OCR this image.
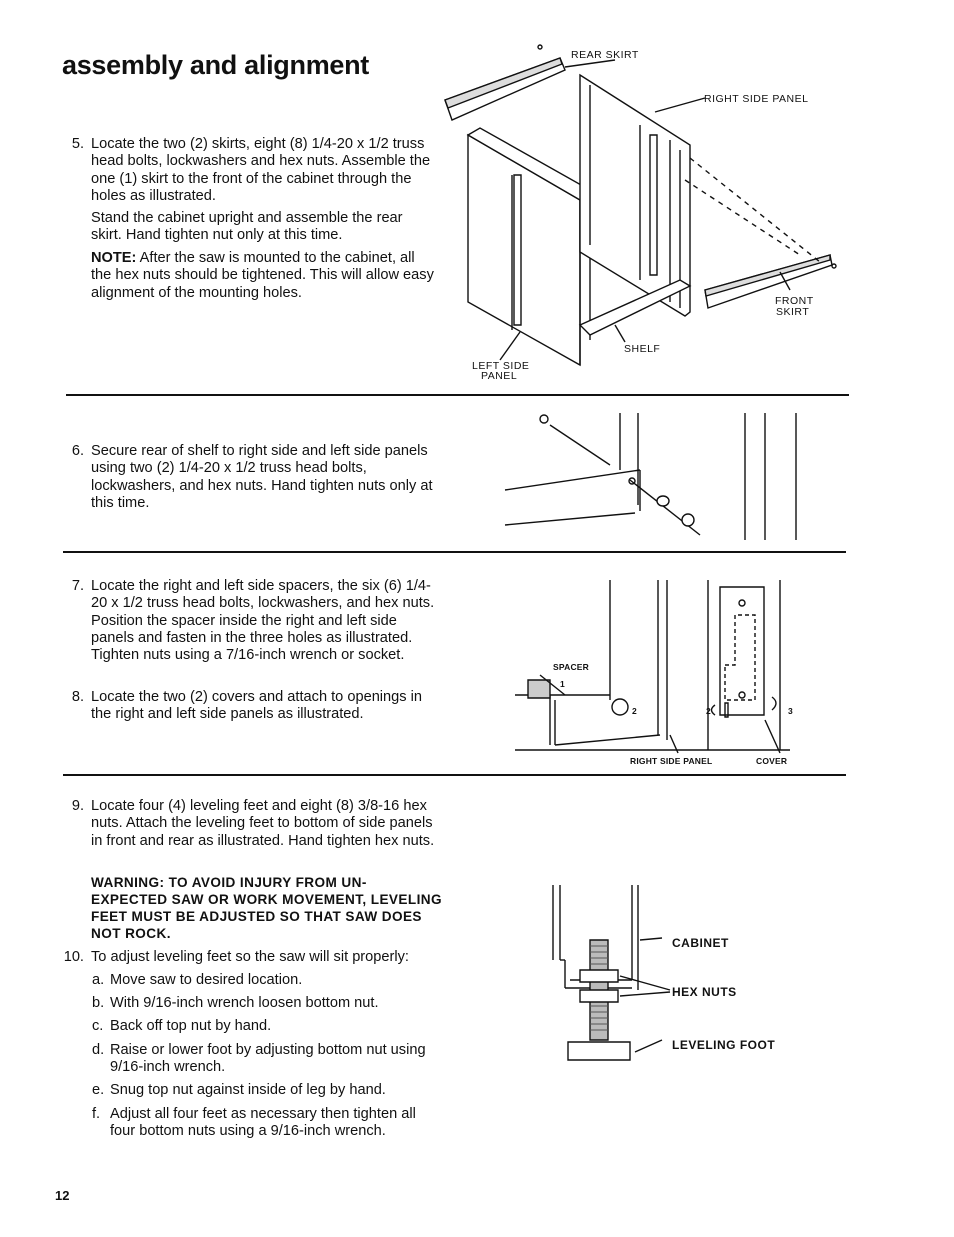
assembly and alignment
5. Locate the two (2) skirts, eight (8) 1/4-20 x 1/2 truss head bolts, lockwashers and hex nuts. Assemble the one (1) skirt to the front of the cabinet through the holes as illustrated.
Stand the cabinet upright and assemble the rear skirt. Hand tighten nut only at this time.
NOTE: After the saw is mounted to the cabinet, all the hex nuts should be tightened. This will allow easy alignment of the mounting holes.
REAR SKIRT
RIGHT SIDE PANEL
FRONT
SKIRT
SHELF
LEFT SIDE
PANEL
6. Secure rear of shelf to right side and left side panels using two (2) 1/4-20 x 1/2 truss head bolts, lockwashers, and hex nuts. Hand tighten nuts only at this time.
7. Locate the right and left side spacers, the six (6) 1/4-20 x 1/2 truss head bolts, lockwashers, and hex nuts. Position the spacer inside the right and left side panels and fasten in the three holes as illustrated. Tighten nuts using a 7/16-inch wrench or socket.
8. Locate the two (2) covers and attach to openings in the right and left side panels as illustrated.
SPACER
1
2	2	3
RIGHT SIDE PANEL	COVER
9. Locate four (4) leveling feet and eight (8) 3/8-16 hex nuts. Attach the leveling feet to bottom of side panels in front and rear as illustrated. Hand tighten hex nuts.
WARNING: TO AVOID INJURY FROM UN-EXPECTED SAW OR WORK MOVEMENT, LEVELING FEET MUST BE ADJUSTED SO THAT SAW DOES NOT ROCK.
10. To adjust leveling feet so the saw will sit properly:
a. Move saw to desired location.
b. With 9/16-inch wrench loosen bottom nut.
c. Back off top nut by hand.
d. Raise or lower foot by adjusting bottom nut using 9/16-inch wrench.
e. Snug top nut against inside of leg by hand.
f. Adjust all four feet as necessary then tighten all four bottom nuts using a 9/16-inch wrench.
CABINET
HEX NUTS
LEVELING FOOT
12
